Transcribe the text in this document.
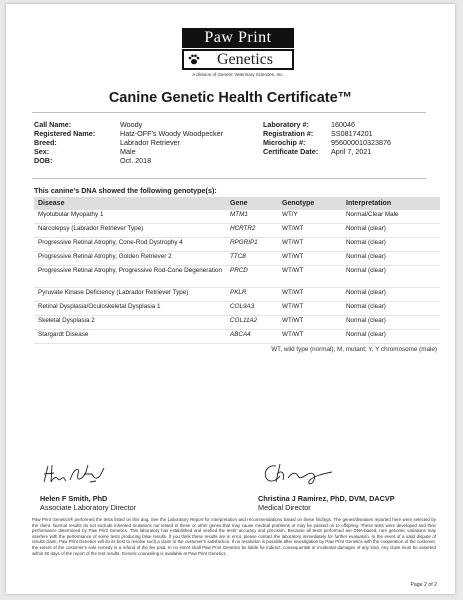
Paw Print
Genetics
A division of Genetic Veterinary Sciences, Inc.
Canine Genetic Health Certificate™
Call Name:	Woody
Registered Name:	Hatz-OFF's Woody Woodpecker
Breed:	Labrador Retriever
Sex:	Male
DOB:	Oct. 2018
Laboratory #:	160046
Registration #:	SS08174201
Microchip #:	956000010323876
Certificate Date:	April 7, 2021
This canine's DNA showed the following genotype(s):
Disease	Gene	Genotype	Interpretation
Myotubular Myopathy 1	MTM1	WT/Y	Normal/Clear Male
Narcolepsy (Labrador Retriever Type)	HCRTR2	WT/WT	Normal (clear)
Progressive Retinal Atrophy, Cone-Rod Dystrophy 4	RPGRIP1	WT/WT	Normal (clear)
Progressive Retinal Atrophy, Golden Retriever 2	TTC8	WT/WT	Normal (clear)
Progressive Retinal Atrophy, Progressive Rod-Cone Degeneration	PRCD	WT/WT	Normal (clear)
Pyruvate Kinase Deficiency (Labrador Retriever Type)	PKLR	WT/WT	Normal (clear)
Retinal Dysplasia/Oculoskeletal Dysplasia 1	COL9A3	WT/WT	Normal (clear)
Skeletal Dysplasia 2	COL11A2	WT/WT	Normal (clear)
Stargardt Disease	ABCA4	WT/WT	Normal (clear)
WT, wild type (normal); M, mutant; Y, Y chromosome (male)
Helen F Smith, PhD
Associate Laboratory Director
Christina J Ramirez, PhD, DVM, DACVP
Medical Director
Paw Print Genetics® performed the tests listed on this dog. See the Laboratory Report for interpretation and recommendations based on these findings. The genes/diseases reported here were selected by the client. Normal results do not exclude inherited mutations not tested in these or other genes that may cause medical problems or may be passed on to offspring. These tests were developed and their performance determined by Paw Print Genetics. This laboratory has established and verified the tests' accuracy and precision. Because all tests performed are DNA-based, rare genomic variations may interfere with the performance of some tests producing false results. If you think these results are in error, please contact the laboratory immediately for further evaluation. In the event of a valid dispute of results claim, Paw Print Genetics will do its best to resolve such a claim to the customer's satisfaction. If no resolution is possible after investigation by Paw Print Genetics with the cooperation of the customer, the extent of the customer's sole remedy is a refund of the fee paid. In no event shall Paw Print Genetics be liable for indirect, consequential or incidental damages of any kind. Any claim must be asserted within 60 days of the report of the test results. Genetic counseling is available at Paw Print Genetics.
Page 2 of 2
